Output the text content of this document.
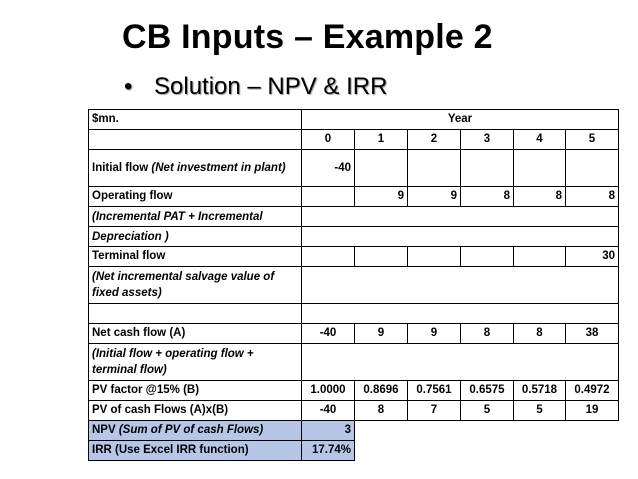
CB Inputs – Example 2
• Solution – NPV & IRR
$mn.	Year					
	0	1	2	3	4	5
Initial flow (Net investment in plant)	-40					
Operating flow		9	9	8	8	8
(Incremental PAT + Incremental						
Depreciation )						
Terminal flow						30
(Net incremental salvage value of fixed assets)						

Net cash flow (A)	-40	9	9	8	8	38
(Initial flow + operating flow + terminal flow)						
PV factor @15% (B)	1.0000	0.8696	0.7561	0.6575	0.5718	0.4972
PV of cash Flows (A)x(B)	-40	8	7	5	5	19
NPV (Sum of PV of cash Flows)	3					
IRR (Use Excel IRR function)	17.74%					
